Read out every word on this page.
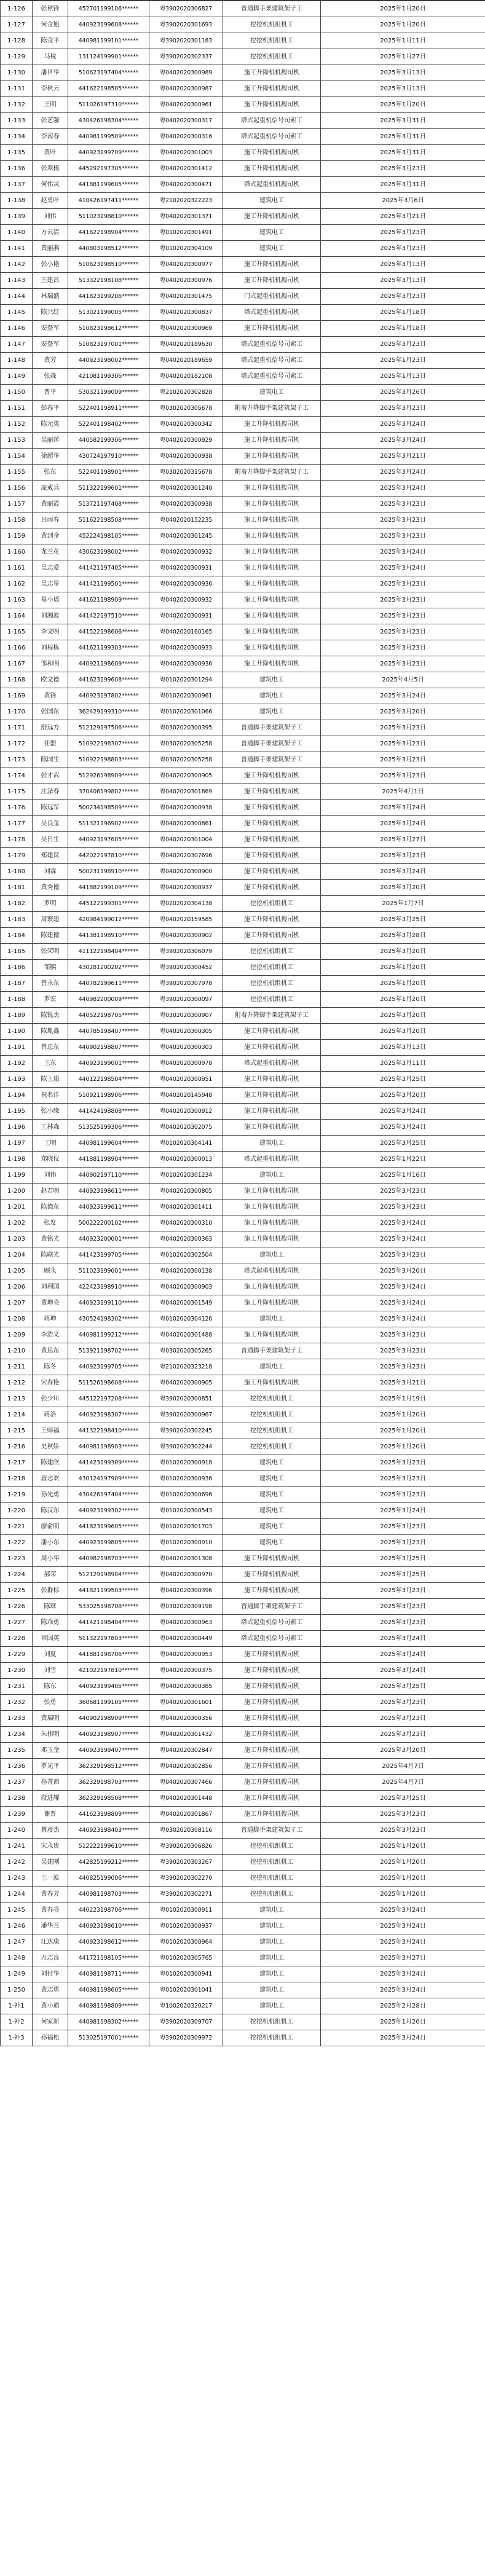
1-126	张秋锋	452701199106******	粤3902020306827	普通脚手架建筑架子工	2025年1月20日
1-127	何金旭	440923199608******	粤3902020301693	挖挖机机组机工	2025年1月20日
1-128	陈金平	440981199101******	粤3902020301183	挖挖机机组机工	2025年1月11日
1-129	马税	131124199901******	粤3902020302337	挖挖机机组机工	2025年1月27日
1-130	潘世华	510623197404******	粤0402020300989	施工升降机机搜司机	2025年3月13日
1-131	李秋云	441622198505******	粤0402020300987	施工升降机机搜司机	2025年3月13日
1-132	王明	511026197310******	粤0402020300961	施工升降机机搜司机	2025年1月20日
1-133	张艺馨	430426198304******	粤0402020300317	塔式起重机信号司索工	2025年3月31日
1-134	李南春	440981199509******	粤0402020300316	塔式起重机信号司索工	2025年3月31日
1-135	黄叶	440923199709******	粤0402020301003	施工升降机机搜司机	2025年3月31日
1-136	张翠梅	445292197305******	粤0402020301412	施工升降机机搜司机	2025年3月23日
1-137	何伟灵	441881199605******	粤0402020300471	塔式起重机机搜司机	2025年3月31日
1-138	赵勇叶	410426197411******	粤2102020322223	建筑电工	2025年3月6日
1-139	刘伟	511023198810******	粤0402020301371	施工升降机机搜司机	2025年3月21日
1-140	方云清	441622198904******	粤0102020301491	建筑电工	2025年3月23日
1-141	黄丽燕	440803198512******	粤0102020304109	建筑电工	2025年3月23日
1-142	张小艳	510623198510******	粤0402020300977	施工升降机机搜司机	2025年3月13日
1-143	王建昌	513322198108******	粤0402020300976	施工升降机机搜司机	2025年3月13日
1-144	林瑞盛	441823199206******	粤0402020301475	门式起重机机搜司机	2025年3月23日
1-145	陈兴红	513021199005******	粤0402020300837	塔式起重机机搜司机	2025年1月18日
1-146	安登军	510823198612******	粤0402020300969	施工升降机机搜司机	2025年1月18日
1-147	安登军	510823197001******	粤0402020189630	塔式起重机信号司索工	2025年3月23日
1-148	黄芳	440923198002******	粤0402020189659	塔式起重机信号司索工	2025年1月23日
1-149	张森	421081199306******	粤0402020182108	塔式起重机信号司索工	2025年1月13日
1-150	晋平	530321199009******	粤2102020302828	建筑电工	2025年3月26日
1-151	彭春平	522401198911******	粤0302020305678	附着升降脚手架建筑架子工	2025年3月23日
1-152	陈元英	522401198402******	粤0402020300342	施工升降机机搜司机	2025年3月24日
1-153	吴丽萍	440582199306******	粤0402020300929	施工升降机机搜司机	2025年3月24日
1-154	徐超华	430724197910******	粤0402020300938	施工升降机机搜司机	2025年3月21日
1-155	张东	522401198901******	粤0302020315678	附着升降脚手架建筑架子工	2025年3月24日
1-156	庞戒兵	511322199601******	粤0402020301240	施工升降机机搜司机	2025年3月24日
1-157	黄丽霞	513721197408******	粤0402020300938	施工升降机机搜司机	2025年3月23日
1-158	吕雨春	511622198508******	粤0402020152235	施工升降机机搜司机	2025年3月23日
1-159	黄到金	452224198105******	粤0402020301245	施工升降机机搜司机	2025年3月23日
1-160	龙兰花	430623198002******	粤0402020300932	施工升降机机搜司机	2025年3月24日
1-161	吴志爱	441421197405******	粤0402020300931	施工升降机机搜司机	2025年3月24日
1-162	吴志星	441421199501******	粤0402020300936	施工升降机机搜司机	2025年3月23日
1-163	易小瑶	441621198909******	粤0402020300932	施工升降机机搜司机	2025年3月23日
1-164	刘湘波	441422197510******	粤0402020300931	施工升降机机搜司机	2025年3月23日
1-165	李文明	441522198606******	粤0402020160165	施工升降机机搜司机	2025年3月23日
1-166	刘程栋	441621199303******	粤0402020300933	施工升降机机搜司机	2025年3月23日
1-167	邹和明	440921198609******	粤0402020300936	施工升降机机搜司机	2025年3月23日
1-168	欧文德	441623199608******	粤0102020301294	建筑电工	2025年4月5日
1-169	黄锋	440923197802******	粤0102020300961	建筑电工	2025年3月24日
1-170	张国东	362429199310******	粤0102020301066	建筑电工	2025年3月20日
1-171	舒远方	512129197506******	粤0302020300395	普通脚手架建筑架子工	2025年3月23日
1-172	任盟	510922198307******	粤0302020305258	普通脚手架建筑架子工	2025年3月23日
1-173	陈国生	510922198803******	粤0302020305258	普通脚手架建筑架子工	2025年3月23日
1-174	张才武	512926198909******	粤0402020300905	施工升降机机搜司机	2025年3月23日
1-175	庄泽春	370406199802******	粤0402020301869	施工升降机机搜司机	2025年4月1日
1-176	陈远军	500234198509******	粤0402020300938	施工升降机机搜司机	2025年3月24日
1-177	吴良金	511321196902******	粤0402020300861	施工升降机机搜司机	2025年3月24日
1-178	吴日生	440923197605******	粤0402020301004	施工升降机机搜司机	2025年3月27日
1-179	郑建贤	442022197810******	粤0402020307696	施工升降机机搜司机	2025年3月23日
1-180	刘霖	500231198910******	粤0402020300900	施工升降机机搜司机	2025年3月24日
1-181	黄秀德	441882199109******	粤0402020300937	施工升降机机搜司机	2025年3月20日
1-182	罗明	445122199301******	粤0202020304138	挖挖机机组机工	2025年1月7日
1-183	周繁建	420984199012******	粤0402020159585	施工升降机机搜司机	2025年3月25日
1-184	陈建德	441381198910******	粤0402020300902	施工升降机机搜司机	2025年3月28日
1-185	张荣明	411122198404******	粤3902020306079	挖挖机机组机工	2025年3月20日
1-186	邹熙	430281200202******	粤3902020300452	挖挖机机组机工	2025年1月20日
1-187	曾永东	440782199611******	粤3902020307978	挖挖机机组机工	2025年1月20日
1-188	罗宏	440982200009******	粤3902020300097	挖挖机机组机工	2025年1月20日
1-189	陈锐杰	440522198705******	粤0302020300907	附着升降脚手架建筑架子工	2025年3月20日
1-190	陈胤鑫	440785198407******	粤0402020300305	施工升降机机搜司机	2025年3月20日
1-191	曾忠东	440902198807******	粤0402020300303	施工升降机机搜司机	2025年3月13日
1-192	王东	440923199001******	粤0402020300978	塔式起重机机搜司机	2025年3月11日
1-193	陈上康	440122198504******	粤0402020300951	施工升降机机搜司机	2025年3月25日
1-194	祝名洋	510921198906******	粤0402020145948	施工升降机机搜司机	2025年3月20日
1-195	张小缘	441424198808******	粤0402020300912	施工升降机机搜司机	2025年3月24日
1-196	王林森	513525199306******	粤0402020302075	施工升降机机搜司机	2025年3月24日
1-197	王明	440981199604******	粤0102020304141	建筑电工	2025年3月25日
1-198	郑晓仪	441881198904******	粤0402020300013	塔式起重机机搜司机	2025年1月22日
1-199	刘伟	440902197110******	粤0102020301234	建筑电工	2025年1月16日
1-200	赵君明	440923198611******	粤0402020300805	施工升降机机搜司机	2025年3月23日
1-201	陈德东	440923199611******	粤0402020301411	施工升降机机搜司机	2025年3月23日
1-202	张发	500222200102******	粤0402020300310	施工升降机机搜司机	2025年3月24日
1-203	黄铭光	440923200001******	粤0402020300363	施工升降机机搜司机	2025年3月24日
1-204	陈联光	441423199705******	粤0102020302504	建筑电工	2025年3月23日
1-205	顾永	511023199001******	粤0402020300138	塔式起重机机搜司机	2025年3月20日
1-206	刘利国	422423198910******	粤0402020300903	施工升降机机搜司机	2025年3月24日
1-207	董坤亮	440923199110******	粤0402020301549	施工升降机机搜司机	2025年3月24日
1-208	蒋坤	430524198302******	粤0102020304126	建筑电工	2025年3月24日
1-209	李浩义	440981199212******	粤0402020301488	施工升降机机搜司机	2025年3月23日
1-210	黄思东	513921198702******	粤0302020305265	普通脚手架建筑架子工	2025年3月23日
1-211	陈冬	440923199705******	粤2102020323218	建筑电工	2025年3月23日
1-212	宋春艳	511526198608******	粤0402020300905	施工升降机机搜司机	2025年3月21日
1-213	张少川	445122197208******	粤3902020300851	挖挖机机组机工	2025年1月19日
1-214	蒋洛	440923198307******	粤3902020300967	挖挖机机组机工	2025年1月20日
1-215	王师福	441322198410******	粤3902020302245	挖挖机机组机工	2025年1月20日
1-216	史秋娇	440981198903******	粤3902020302244	挖挖机机组机工	2025年1月20日
1-217	陈建欣	441423199309******	粤0102020300918	建筑电工	2025年3月23日
1-218	唐志欢	430124197909******	粤0102020300936	建筑电工	2025年3月23日
1-219	孙先勇	430426197404******	粤0102020300696	建筑电工	2025年3月23日
1-220	陈汉东	440923199302******	粤0102020300543	建筑电工	2025年3月24日
1-221	廖俞明	441823199605******	粤0102020301703	建筑电工	2025年3月23日
1-222	潘小东	440923199805******	粤0102020300910	建筑电工	2025年3月23日
1-223	周小华	440982198703******	粤0402020301308	施工升降机机搜司机	2025年3月25日
1-224	郝荣	512129198904******	粤0402020300970	施工升降机机搜司机	2025年3月25日
1-225	张群标	441821199503******	粤0402020300396	施工升降机机搜司机	2025年3月23日
1-226	陈肆	533025198708******	粤0302020309198	普通脚手架建筑架子工	2025年3月23日
1-227	陈乖勇	441421198404******	粤0402020300963	塔式起重机信号司索工	2025年3月23日
1-228	章国英	511322197803******	粤0402020300449	塔式起重机信号司索工	2025年3月24日
1-229	刘夏	441881198706******	粤0402020300953	施工升降机机搜司机	2025年3月24日
1-230	刘雪	421022197810******	粤0402020300375	施工升降机机搜司机	2025年3月24日
1-231	陈东	440923199405******	粤0402020300385	施工升降机机搜司机	2025年3月25日
1-232	张勇	360681199105******	粤0402020301601	施工升降机机搜司机	2025年3月23日
1-233	黄瑞明	440902198909******	粤0402020300356	施工升降机机搜司机	2025年3月23日
1-234	朱伟明	440923198907******	粤0402020301432	施工升降机机搜司机	2025年3月23日
1-235	邓玉金	440923199407******	粤0402020302847	施工升降机机搜司机	2025年3月20日
1-236	罗光平	362329198512******	粤0402020302856	施工升降机机搜司机	2025年4月7日
1-237	孙菁茜	362329198703******	粤0402020307466	施工升降机机搜司机	2025年4月7日
1-238	段进耀	362329198508******	粤0402020301448	施工升降机机搜司机	2025年3月25日
1-239	谢晋	441623198809******	粤0402020301867	施工升降机机搜司机	2025年3月23日
1-240	蔡彦杰	440923198403******	粤0302020308116	普通脚手架建筑架子工	2025年3月23日
1-241	宋永贵	512222199610******	粤3902020306826	挖挖机机组机工	2025年1月20日
1-242	吴建刚	442825199212******	粤3902020303267	挖挖机机组机工	2025年1月20日
1-243	王一波	440825199006******	粤3902020302270	挖挖机机组机工	2025年1月20日
1-244	黄春芳	440981198703******	粤3902020302271	挖挖机机组机工	2025年1月20日
1-245	黄春亮	440223198706******	粤0102020300911	建筑电工	2025年3月24日
1-246	潘华兰	440923198610******	粤0102020300937	建筑电工	2025年3月24日
1-247	江达康	440923198612******	粤0102020300964	建筑电工	2025年3月24日
1-248	万志良	441721198105******	粤0102020305765	建筑电工	2025年3月27日
1-249	刘付华	440981198711******	粤0102020300941	建筑电工	2025年3月24日
1-250	黄志勇	440981198605******	粤0102020301041	建筑电工	2025年3月24日
1-补1	黄小通	440981198809******	粤1002020320217	建筑电工	2025年2月28日
1-补2	何家新	440981198302******	粤3902020309707	挖挖机机组机工	2025年1月20日
1-补3	孙福松	513025197001******	粤3902020309972	挖挖机机组机工	2025年3月24日
